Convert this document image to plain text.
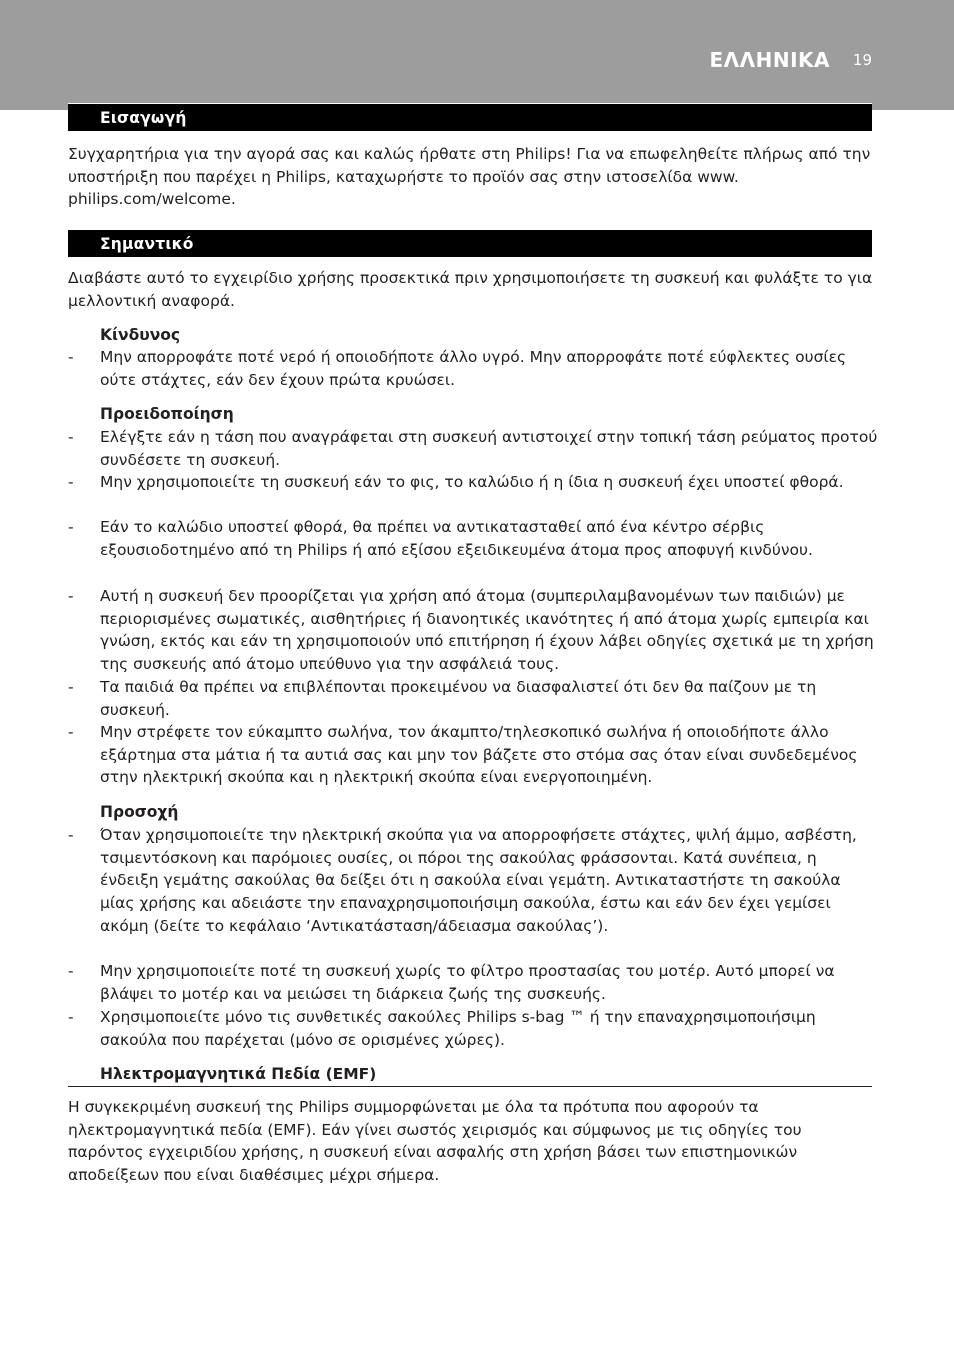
ΕΛΛΗΝΙΚΑ 19
Εισαγωγή

Συγχαρητήρια για την αγορά σας και καλώς ήρθατε στη Philips! Για να επωφεληθείτε πλήρως από την υποστήριξη που παρέχει η Philips, καταχωρήστε το προϊόν σας στην ιστοσελίδα www. philips.com/welcome.

Σημαντικό

Διαβάστε αυτό το εγχειρίδιο χρήσης προσεκτικά πριν χρησιμοποιήσετε τη συσκευή και φυλάξτε το για μελλοντική αναφορά.

Κίνδυνος
- Μην απορροφάτε ποτέ νερό ή οποιοδήποτε άλλο υγρό. Μην απορροφάτε ποτέ εύφλεκτες ουσίες ούτε στάχτες, εάν δεν έχουν πρώτα κρυώσει.
Προειδοποίηση
- Ελέγξτε εάν η τάση που αναγράφεται στη συσκευή αντιστοιχεί στην τοπική τάση ρεύματος προτού συνδέσετε τη συσκευή.
- Μην χρησιμοποιείτε τη συσκευή εάν το φις, το καλώδιο ή η ίδια η συσκευή έχει υποστεί φθορά.
- Εάν το καλώδιο υποστεί φθορά, θα πρέπει να αντικατασταθεί από ένα κέντρο σέρβις εξουσιοδοτημένο από τη Philips ή από εξίσου εξειδικευμένα άτομα προς αποφυγή κινδύνου.
- Αυτή η συσκευή δεν προορίζεται για χρήση από άτομα (συμπεριλαμβανομένων των παιδιών) με περιορισμένες σωματικές, αισθητήριες ή διανοητικές ικανότητες ή από άτομα χωρίς εμπειρία και γνώση, εκτός και εάν τη χρησιμοποιούν υπό επιτήρηση ή έχουν λάβει οδηγίες σχετικά με τη χρήση της συσκευής από άτομο υπεύθυνο για την ασφάλειά τους.
- Τα παιδιά θα πρέπει να επιβλέπονται προκειμένου να διασφαλιστεί ότι δεν θα παίζουν με τη συσκευή.
- Μην στρέφετε τον εύκαμπτο σωλήνα, τον άκαμπτο/τηλεσκοπικό σωλήνα ή οποιοδήποτε άλλο εξάρτημα στα μάτια ή τα αυτιά σας και μην τον βάζετε στο στόμα σας όταν είναι συνδεδεμένος στην ηλεκτρική σκούπα και η ηλεκτρική σκούπα είναι ενεργοποιημένη.
Προσοχή
- Όταν χρησιμοποιείτε την ηλεκτρική σκούπα για να απορροφήσετε στάχτες, ψιλή άμμο, ασβέστη, τσιμεντόσκονη και παρόμοιες ουσίες, οι πόροι της σακούλας φράσσονται. Κατά συνέπεια, η ένδειξη γεμάτης σακούλας θα δείξει ότι η σακούλα είναι γεμάτη. Αντικαταστήστε τη σακούλα μίας χρήσης και αδειάστε την επαναχρησιμοποιήσιμη σακούλα, έστω και εάν δεν έχει γεμίσει ακόμη (δείτε το κεφάλαιο ‘Αντικατάσταση/άδειασμα σακούλας’).
- Μην χρησιμοποιείτε ποτέ τη συσκευή χωρίς το φίλτρο προστασίας του μοτέρ. Αυτό μπορεί να βλάψει το μοτέρ και να μειώσει τη διάρκεια ζωής της συσκευής.
- Χρησιμοποιείτε μόνο τις συνθετικές σακούλες Philips s-bag ™ ή την επαναχρησιμοποιήσιμη σακούλα που παρέχεται (μόνο σε ορισμένες χώρες).
Ηλεκτρομαγνητικά Πεδία (EMF)

Η συγκεκριμένη συσκευή της Philips συμμορφώνεται με όλα τα πρότυπα που αφορούν τα ηλεκτρομαγνητικά πεδία (EMF). Εάν γίνει σωστός χειρισμός και σύμφωνος με τις οδηγίες του παρόντος εγχειριδίου χρήσης, η συσκευή είναι ασφαλής στη χρήση βάσει των επιστημονικών αποδείξεων που είναι διαθέσιμες μέχρι σήμερα.
